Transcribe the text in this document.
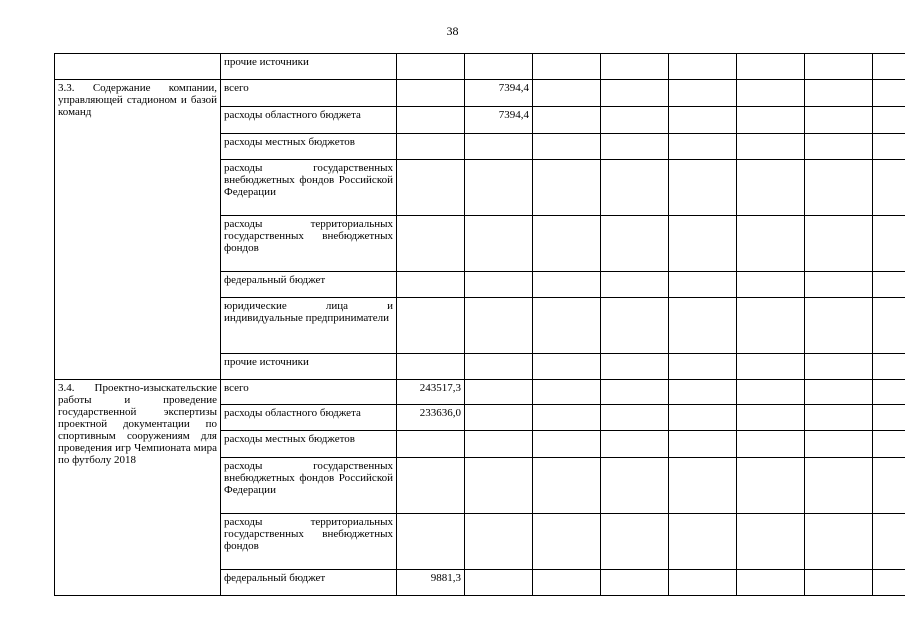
38
	прочие источники								
3.3. Содержание компании, управляющей стадионом и базой команд	всего		7394,4						
	расходы областного бюджета		7394,4						
	расходы местных бюджетов								
	расходы государственных внебюджетных фондов Российской Федерации								
	расходы территориальных государственных внебюджетных фондов								
	федеральный бюджет								
	юридические лица и индивидуальные предприниматели								
	прочие источники								
3.4. Проектно-изыскательские работы и проведение государственной экспертизы проектной документации по спортивным сооружениям для проведения игр Чемпионата мира по футболу 2018	всего	243517,3							
	расходы областного бюджета	233636,0							
	расходы местных бюджетов								
	расходы государственных внебюджетных фондов Российской Федерации								
	расходы территориальных государственных внебюджетных фондов								
	федеральный бюджет	9881,3							
